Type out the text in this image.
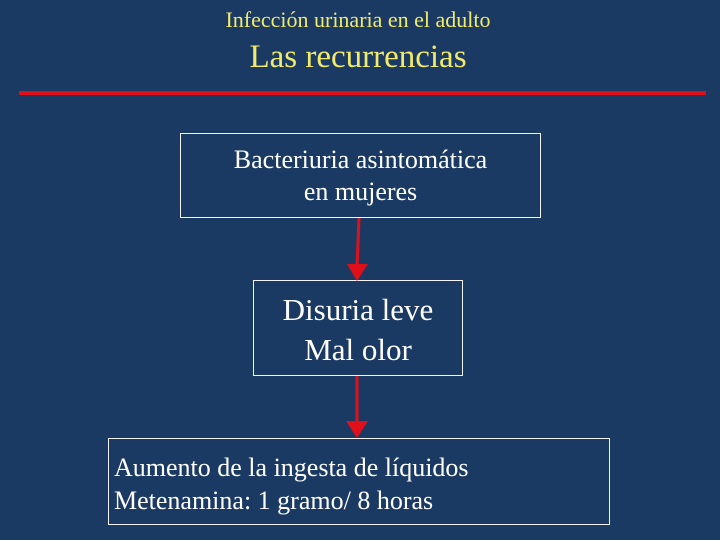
Infección urinaria en el adulto
Las recurrencias
Bacteriuria asintomática
en mujeres
Disuria leve
Mal olor
Aumento de la ingesta de líquidos
Metenamina: 1 gramo/ 8 horas
